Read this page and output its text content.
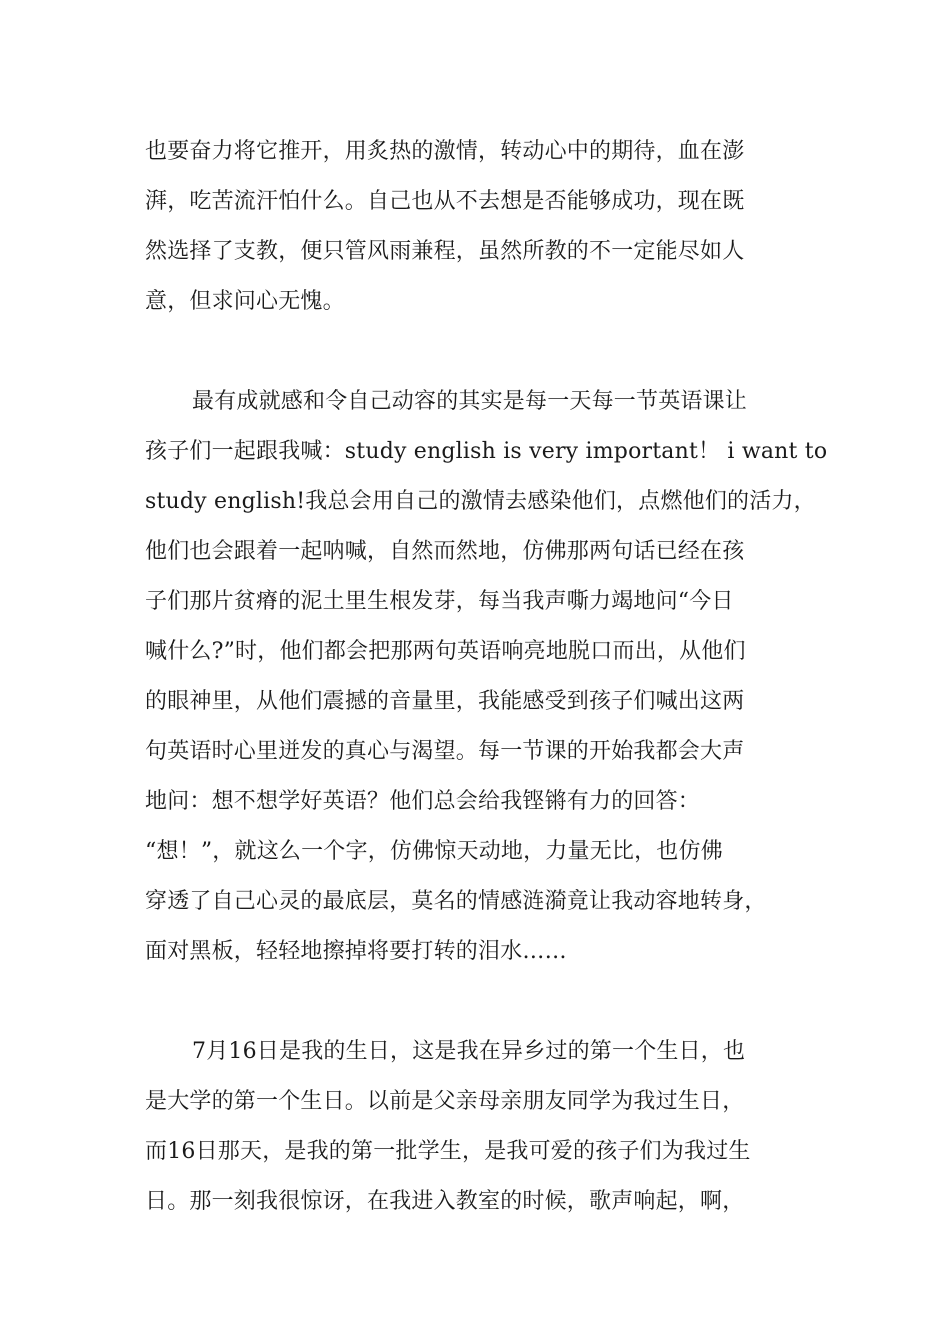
也要奋力将它推开，用炙热的激情，转动心中的期待，血在澎
湃，吃苦流汗怕什么。自己也从不去想是否能够成功，现在既
然选择了支教，便只管风雨兼程，虽然所教的不一定能尽如人
意，但求问心无愧。
最有成就感和令自己动容的其实是每一天每一节英语课让
孩子们一起跟我喊：study english is very important！ i want to
study english!我总会用自己的激情去感染他们，点燃他们的活力，
他们也会跟着一起呐喊，自然而然地，仿佛那两句话已经在孩
子们那片贫瘠的泥土里生根发芽，每当我声嘶力竭地问“今日
喊什么?”时，他们都会把那两句英语响亮地脱口而出，从他们
的眼神里，从他们震撼的音量里，我能感受到孩子们喊出这两
句英语时心里迸发的真心与渴望。每一节课的开始我都会大声
地问：想不想学好英语？他们总会给我铿锵有力的回答：
“想！”，就这么一个字，仿佛惊天动地，力量无比，也仿佛
穿透了自己心灵的最底层，莫名的情感涟漪竟让我动容地转身，
面对黑板，轻轻地擦掉将要打转的泪水……
7月16日是我的生日，这是我在异乡过的第一个生日，也
是大学的第一个生日。以前是父亲母亲朋友同学为我过生日，
而16日那天，是我的第一批学生，是我可爱的孩子们为我过生
日。那一刻我很惊讶，在我进入教室的时候，歌声响起，啊，
